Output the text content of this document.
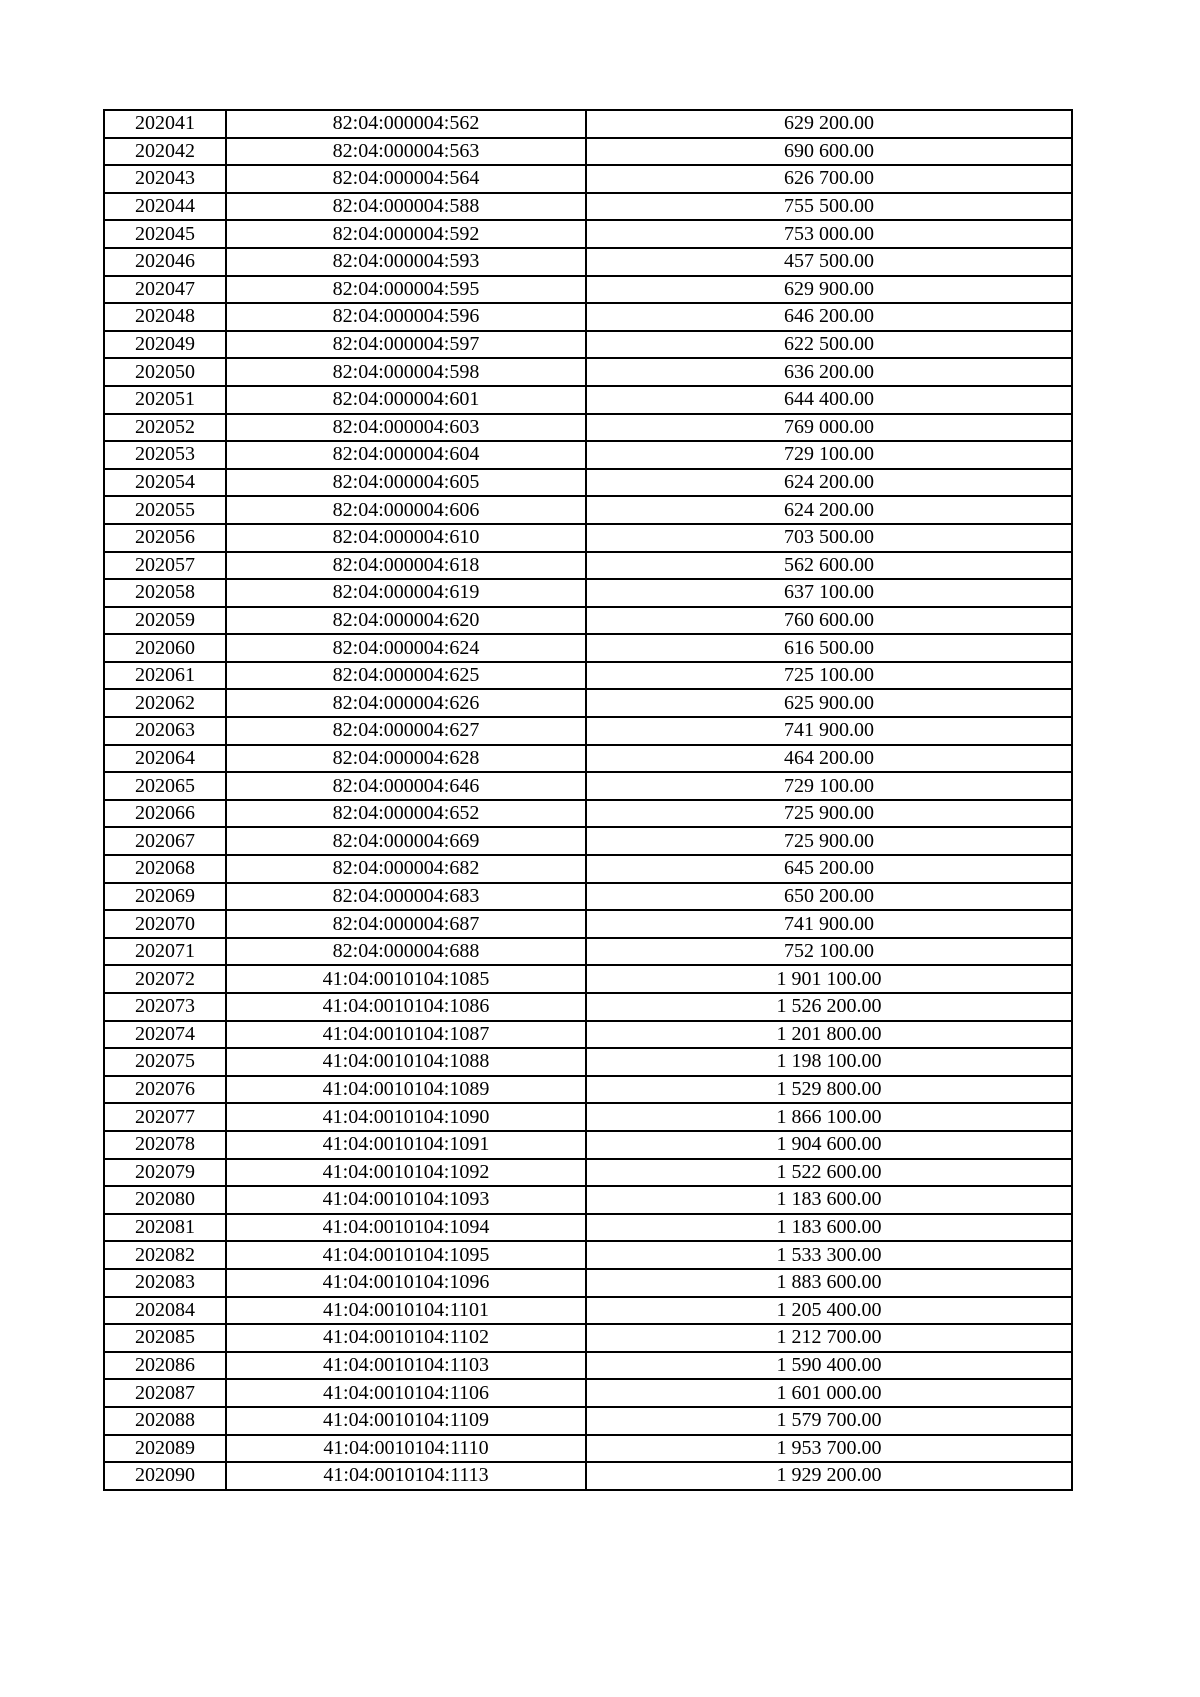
202041	82:04:000004:562	629 200.00
202042	82:04:000004:563	690 600.00
202043	82:04:000004:564	626 700.00
202044	82:04:000004:588	755 500.00
202045	82:04:000004:592	753 000.00
202046	82:04:000004:593	457 500.00
202047	82:04:000004:595	629 900.00
202048	82:04:000004:596	646 200.00
202049	82:04:000004:597	622 500.00
202050	82:04:000004:598	636 200.00
202051	82:04:000004:601	644 400.00
202052	82:04:000004:603	769 000.00
202053	82:04:000004:604	729 100.00
202054	82:04:000004:605	624 200.00
202055	82:04:000004:606	624 200.00
202056	82:04:000004:610	703 500.00
202057	82:04:000004:618	562 600.00
202058	82:04:000004:619	637 100.00
202059	82:04:000004:620	760 600.00
202060	82:04:000004:624	616 500.00
202061	82:04:000004:625	725 100.00
202062	82:04:000004:626	625 900.00
202063	82:04:000004:627	741 900.00
202064	82:04:000004:628	464 200.00
202065	82:04:000004:646	729 100.00
202066	82:04:000004:652	725 900.00
202067	82:04:000004:669	725 900.00
202068	82:04:000004:682	645 200.00
202069	82:04:000004:683	650 200.00
202070	82:04:000004:687	741 900.00
202071	82:04:000004:688	752 100.00
202072	41:04:0010104:1085	1 901 100.00
202073	41:04:0010104:1086	1 526 200.00
202074	41:04:0010104:1087	1 201 800.00
202075	41:04:0010104:1088	1 198 100.00
202076	41:04:0010104:1089	1 529 800.00
202077	41:04:0010104:1090	1 866 100.00
202078	41:04:0010104:1091	1 904 600.00
202079	41:04:0010104:1092	1 522 600.00
202080	41:04:0010104:1093	1 183 600.00
202081	41:04:0010104:1094	1 183 600.00
202082	41:04:0010104:1095	1 533 300.00
202083	41:04:0010104:1096	1 883 600.00
202084	41:04:0010104:1101	1 205 400.00
202085	41:04:0010104:1102	1 212 700.00
202086	41:04:0010104:1103	1 590 400.00
202087	41:04:0010104:1106	1 601 000.00
202088	41:04:0010104:1109	1 579 700.00
202089	41:04:0010104:1110	1 953 700.00
202090	41:04:0010104:1113	1 929 200.00
